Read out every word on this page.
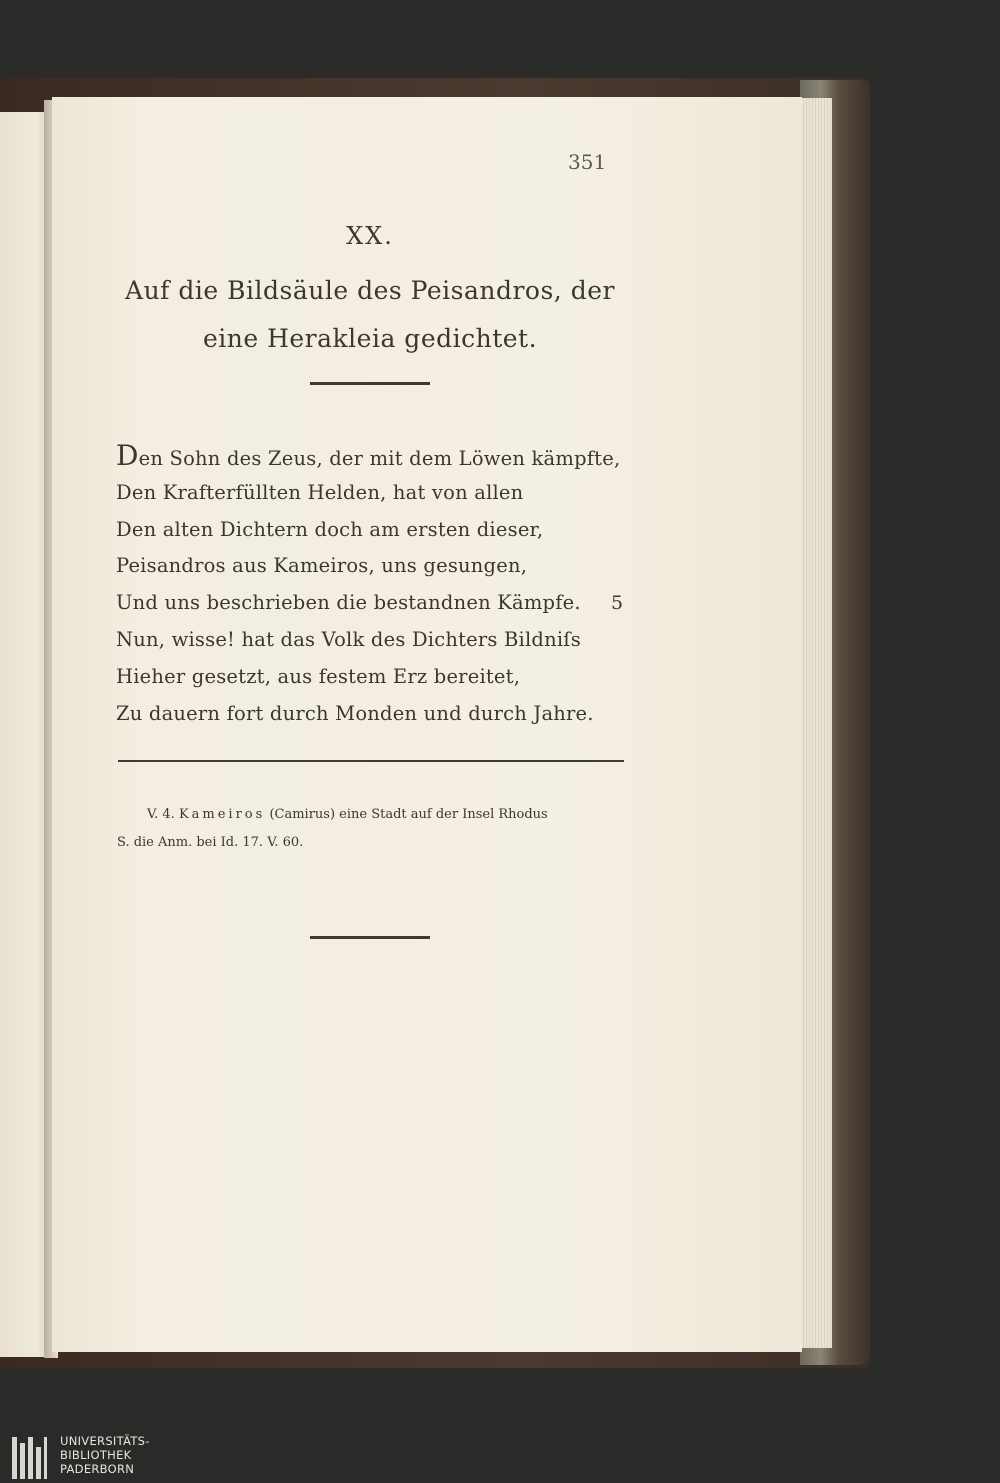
351
XX.
Auf die Bildsäule des Peisandros, der
eine Herakleia gedichtet.
Den Sohn des Zeus, der mit dem Löwen kämpfte,
Den Krafterfüllten Helden, hat von allen
Den alten Dichtern doch am ersten dieser,
Peisandros aus Kameiros, uns gesungen,
Und uns beschrieben die bestandnen Kämpfe. 5
Nun, wisse! hat das Volk des Dichters Bildniſs
Hieher gesetzt, aus festem Erz bereitet,
Zu dauern fort durch Monden und durch Jahre.
V. 4. Kameiros (Camirus) eine Stadt auf der Insel Rhodus
S. die Anm. bei Id. 17. V. 60.
UNIVERSITÄTS-
BIBLIOTHEK
PADERBORN
